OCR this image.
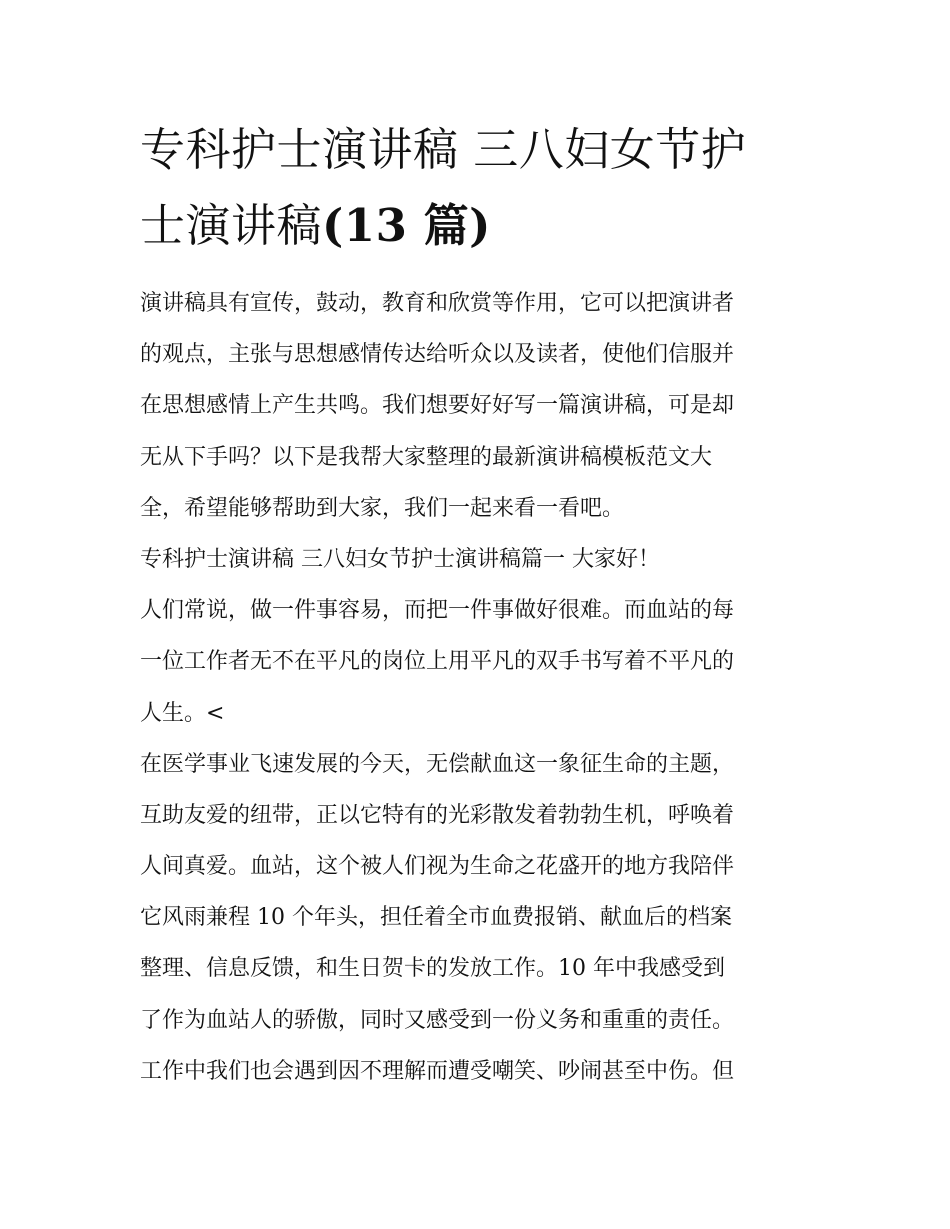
专科护士演讲稿 三八妇女节护
士演讲稿(13 篇)
演讲稿具有宣传，鼓动，教育和欣赏等作用，它可以把演讲者
的观点，主张与思想感情传达给听众以及读者，使他们信服并
在思想感情上产生共鸣。我们想要好好写一篇演讲稿，可是却
无从下手吗？以下是我帮大家整理的最新演讲稿模板范文大
全，希望能够帮助到大家，我们一起来看一看吧。
专科护士演讲稿 三八妇女节护士演讲稿篇一 大家好！
人们常说，做一件事容易，而把一件事做好很难。而血站的每
一位工作者无不在平凡的岗位上用平凡的双手书写着不平凡的
人生。<
在医学事业飞速发展的今天，无偿献血这一象征生命的主题，
互助友爱的纽带，正以它特有的光彩散发着勃勃生机，呼唤着
人间真爱。血站，这个被人们视为生命之花盛开的地方我陪伴
它风雨兼程 10 个年头，担任着全市血费报销、献血后的档案
整理、信息反馈，和生日贺卡的发放工作。10 年中我感受到
了作为血站人的骄傲，同时又感受到一份义务和重重的责任。
工作中我们也会遇到因不理解而遭受嘲笑、吵闹甚至中伤。但
